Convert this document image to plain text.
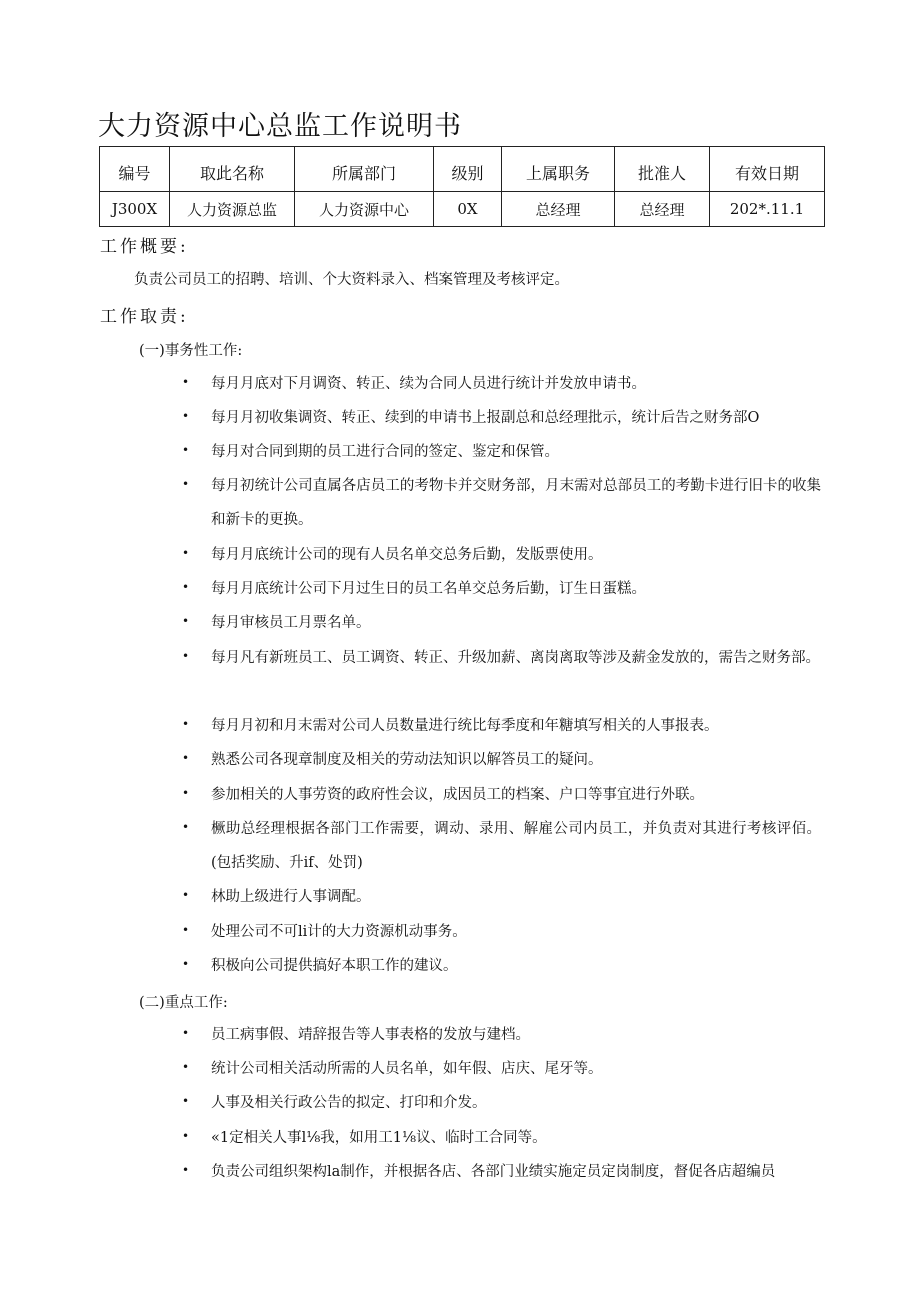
大力资源中心总监工作说明书
编号	取此名称	所属部门	级别	上属职务	批准人	有效日期
J300X	人力资源总监	人力资源中心	0X	总经理	总经理	202*.11.1
工作概要:
负责公司员工的招聘、培训、个大资料录入、档案管理及考核评定。
工作取责:
(一)事务性工作:
• 每月月底对下月调资、转正、续为合同人员进行统计并发放申请书。
• 每月月初收集调资、转正、续到的申请书上报副总和总经理批示，统计后告之财务部O
• 每月对合同到期的员工进行合同的签定、鉴定和保管。
• 每月初统计公司直属各店员工的考物卡并交财务部，月末需对总部员工的考勤卡进行旧卡的收集和新卡的更换。
• 每月月底统计公司的现有人员名单交总务后勤，发版票使用。
• 每月月底统计公司下月过生日的员工名单交总务后勤，订生日蛋糕。
• 每月审核员工月票名单。
• 每月凡有新班员工、员工调资、转正、升级加薪、离岗离取等涉及薪金发放的，需告之财务部。
• 每月月初和月末需对公司人员数量进行统比每季度和年糖填写相关的人事报表。
• 熟悉公司各现章制度及相关的劳动法知识以解答员工的疑问。
• 参加相关的人事劳资的政府性会议，成因员工的档案、户口等事宜进行外联。
• 橛助总经理根据各部门工作需要，调动、录用、解雇公司内员工，并负责对其进行考核评佰。(包括奖励、升if、处罚)
• 林助上级进行人事调配。
• 处理公司不可li计的大力资源机动事务。
• 积极向公司提供搞好本职工作的建议。
(二)重点工作:
• 员工病事假、靖辞报告等人事表格的发放与建档。
• 统计公司相关活动所需的人员名单，如年假、店庆、尾牙等。
• 人事及相关行政公告的拟定、打印和介发。
• «1定相关人事l⅛我，如用工1⅛议、临时工合同等。
• 负责公司组织架构la制作，并根据各店、各部门业绩实施定员定岗制度，督促各店超编员
